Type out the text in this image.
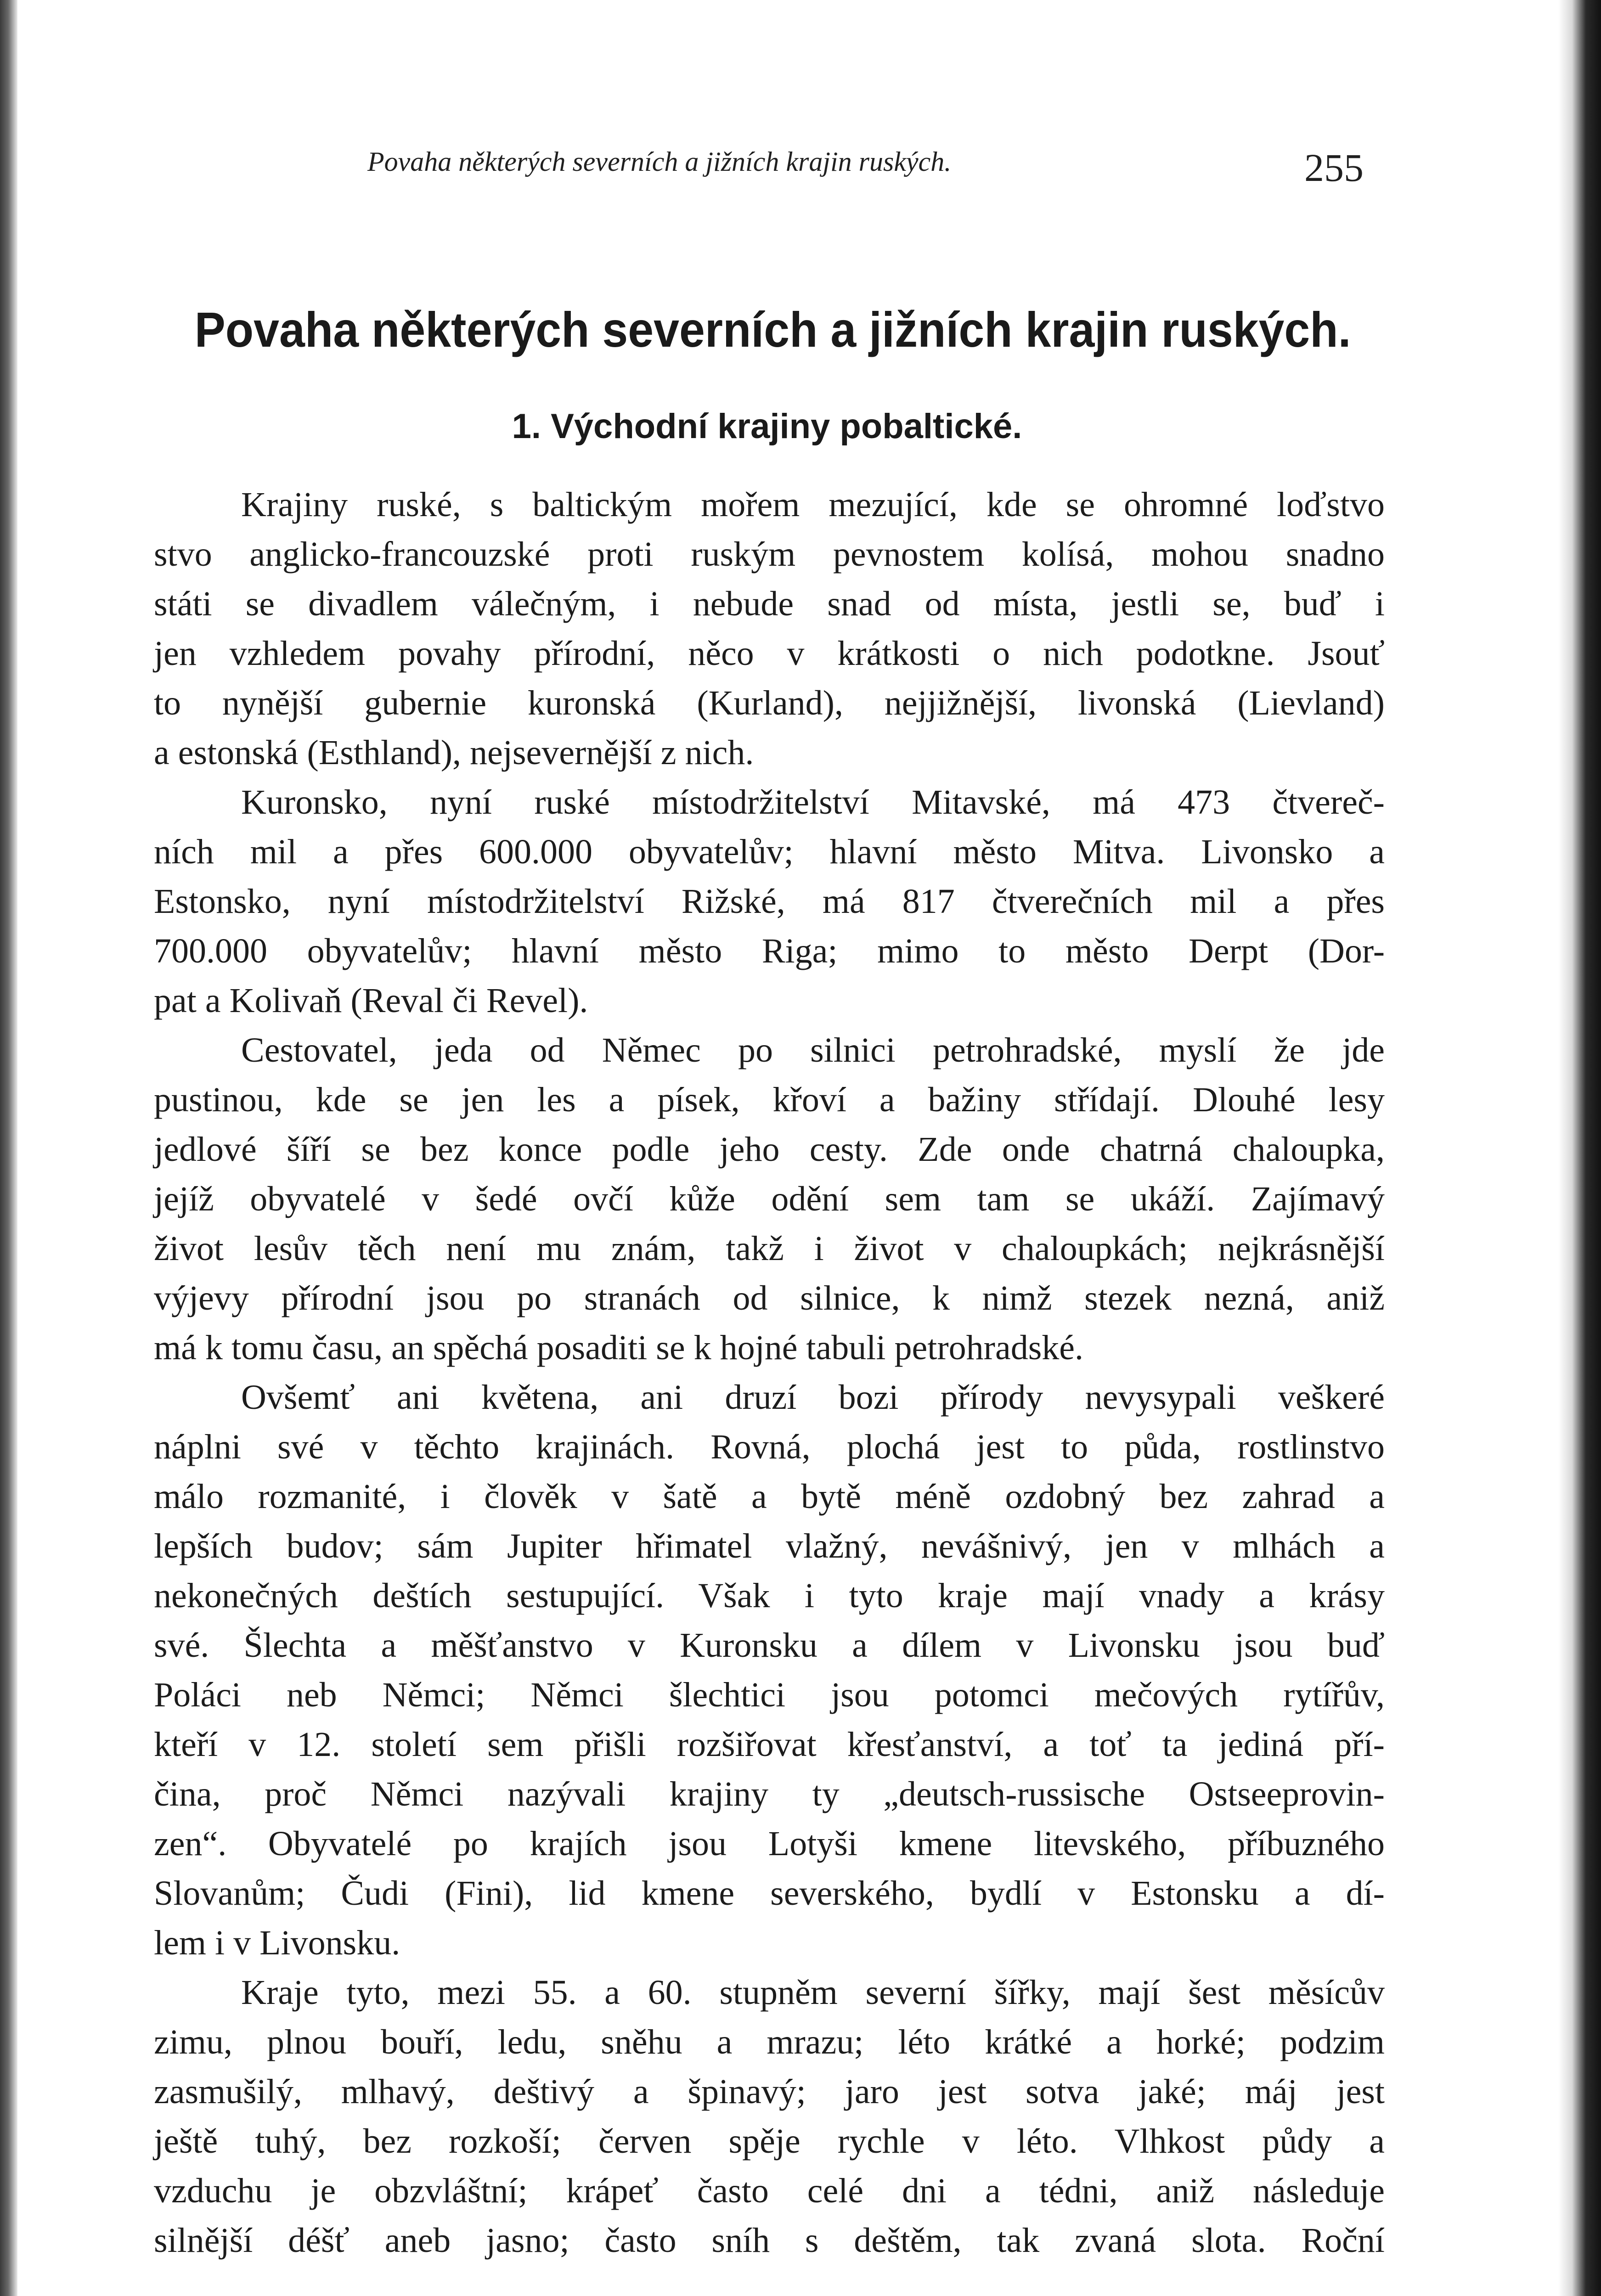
Povaha některých severních a jižních krajin ruských.	255
Povaha některých severních a jižních krajin ruských.
1. Východní krajiny pobaltické.
Krajiny ruské, s baltickým mořem mezující, kde se ohromné loďstvo
stvo anglicko-francouzské proti ruským pevnostem kolísá, mohou snadno
státi se divadlem válečným, i nebude snad od místa, jestli se, buď i
jen vzhledem povahy přírodní, něco v krátkosti o nich podotkne. Jsouť
to nynější gubernie kuronská (Kurland), nejjižnější, livonská (Lievland)
a estonská (Esthland), nejsevernější z nich.
Kuronsko, nyní ruské místodržitelství Mitavské, má 473 čtvereč-
ních mil a přes 600.000 obyvatelův; hlavní město Mitva. Livonsko a
Estonsko, nyní místodržitelství Rižské, má 817 čtverečních mil a přes
700.000 obyvatelův; hlavní město Riga; mimo to město Derpt (Dor-
pat a Kolivaň (Reval či Revel).
Cestovatel, jeda od Němec po silnici petrohradské, myslí že jde
pustinou, kde se jen les a písek, křoví a bažiny střídají. Dlouhé lesy
jedlové šíří se bez konce podle jeho cesty. Zde onde chatrná chaloupka,
jejíž obyvatelé v šedé ovčí kůže odění sem tam se ukáží. Zajímavý
život lesův těch není mu znám, takž i život v chaloupkách; nejkrásnější
výjevy přírodní jsou po stranách od silnice, k nimž stezek nezná, aniž
má k tomu času, an spěchá posaditi se k hojné tabuli petrohradské.
Ovšemť ani květena, ani druzí bozi přírody nevysypali veškeré
náplni své v těchto krajinách. Rovná, plochá jest to půda, rostlinstvo
málo rozmanité, i člověk v šatě a bytě méně ozdobný bez zahrad a
lepších budov; sám Jupiter hřimatel vlažný, nevášnivý, jen v mlhách a
nekonečných deštích sestupující. Však i tyto kraje mají vnady a krásy
své. Šlechta a měšťanstvo v Kuronsku a dílem v Livonsku jsou buď
Poláci neb Němci; Němci šlechtici jsou potomci mečových rytířův,
kteří v 12. století sem přišli rozšiřovat křesťanství, a toť ta jediná pří-
čina, proč Němci nazývali krajiny ty „deutsch-russische Ostseeprovin-
zen“. Obyvatelé po krajích jsou Lotyši kmene litevského, příbuzného
Slovanům; Čudi (Fini), lid kmene severského, bydlí v Estonsku a dí-
lem i v Livonsku.
Kraje tyto, mezi 55. a 60. stupněm severní šířky, mají šest měsícův
zimu, plnou bouří, ledu, sněhu a mrazu; léto krátké a horké; podzim
zasmušilý, mlhavý, deštivý a špinavý; jaro jest sotva jaké; máj jest
ještě tuhý, bez rozkoší; červen spěje rychle v léto. Vlhkost půdy a
vzduchu je obzvláštní; krápeť často celé dni a tédni, aniž následuje
silnější déšť aneb jasno; často sníh s deštěm, tak zvaná slota. Roční
